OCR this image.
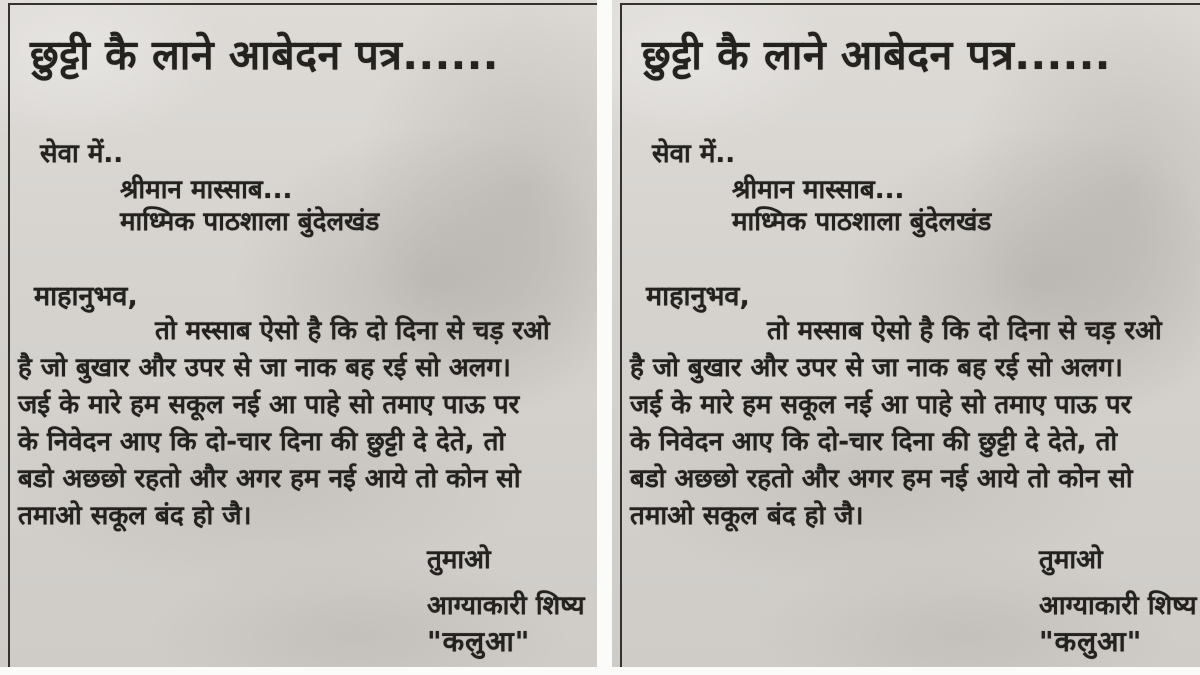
छुट्टी कै लाने आबेदन पत्र......
सेवा में..
श्रीमान मास्साब...
माध्मिक पाठशाला बुंदेलखंड
माहानुभव,
तो मस्साब ऐसो है कि दो दिना से चड़ रओ
है जो बुखार और उपर से जा नाक बह रई सो अलग।
जई के मारे हम सकूल नई आ पाहे सो तमाए पाऊ पर
के निवेदन आए कि दो-चार दिना की छुट्टी दे देते, तो
बडो अछछो रहतो और अगर हम नई आये तो कोन सो
तमाओ सकूल बंद हो जै।
तुमाओ
आग्याकारी शिष्य
"कलुआ"
छुट्टी कै लाने आबेदन पत्र......
सेवा में..
श्रीमान मास्साब...
माध्मिक पाठशाला बुंदेलखंड
माहानुभव,
तो मस्साब ऐसो है कि दो दिना से चड़ रओ
है जो बुखार और उपर से जा नाक बह रई सो अलग।
जई के मारे हम सकूल नई आ पाहे सो तमाए पाऊ पर
के निवेदन आए कि दो-चार दिना की छुट्टी दे देते, तो
बडो अछछो रहतो और अगर हम नई आये तो कोन सो
तमाओ सकूल बंद हो जै।
तुमाओ
आग्याकारी शिष्य
"कलुआ"
